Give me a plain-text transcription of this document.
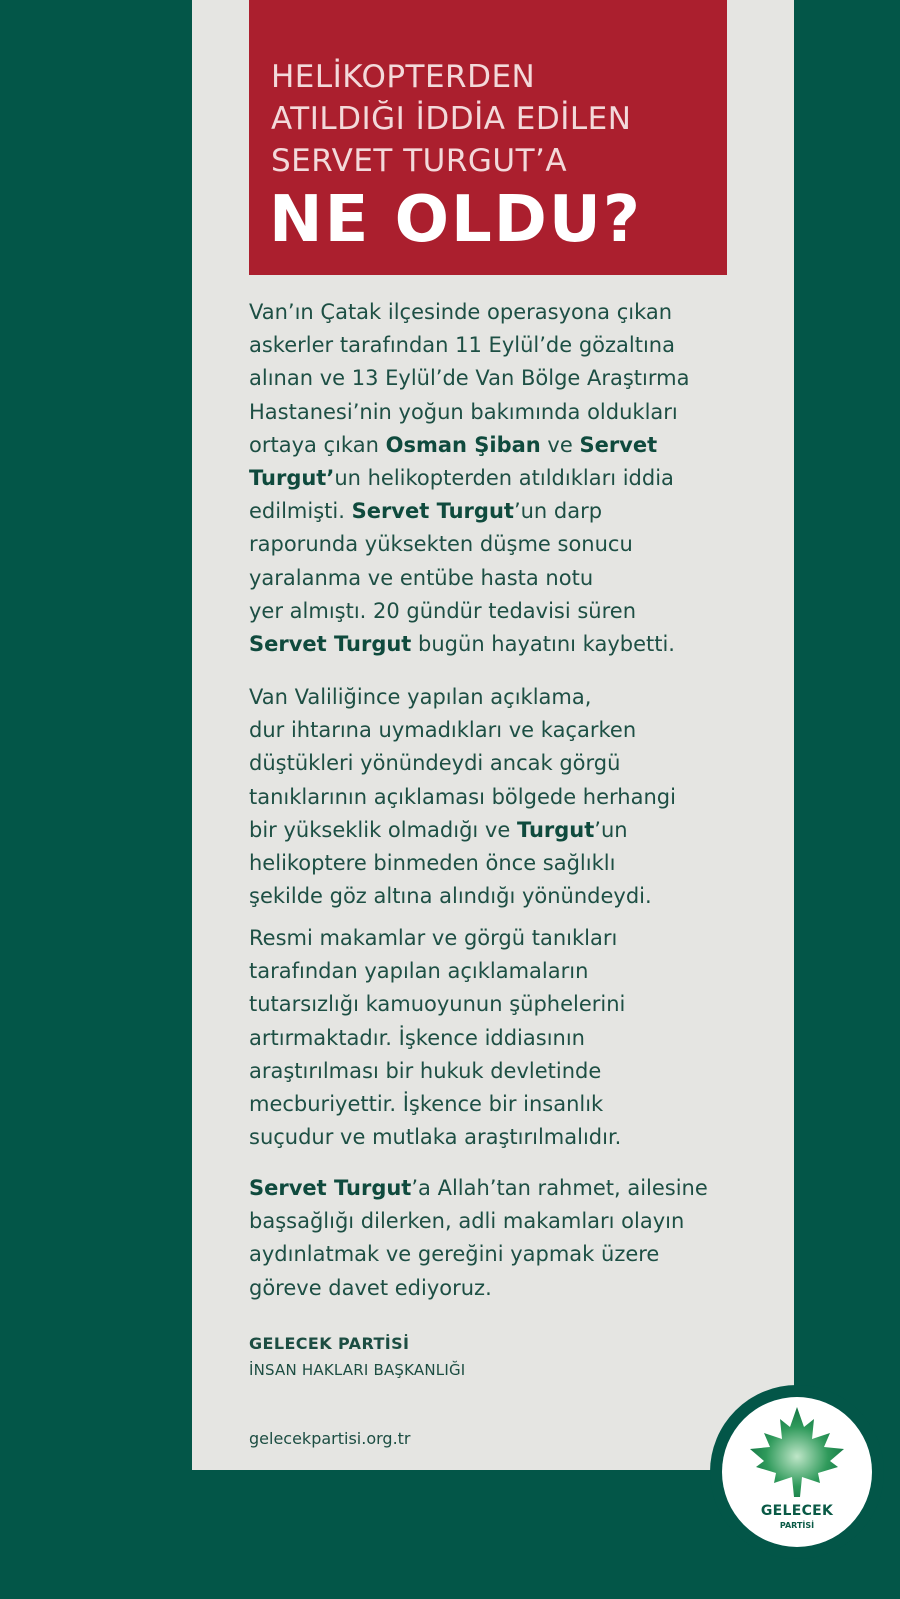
HELİKOPTERDEN
ATILDIĞI İDDİA EDİLEN
SERVET TURGUT’A
NE OLDU?
Van’ın Çatak ilçesinde operasyona çıkan
askerler tarafından 11 Eylül’de gözaltına
alınan ve 13 Eylül’de Van Bölge Araştırma
Hastanesi’nin yoğun bakımında oldukları
ortaya çıkan Osman Şiban ve Servet
Turgut’un helikopterden atıldıkları iddia
edilmişti. Servet Turgut’un darp
raporunda yüksekten düşme sonucu
yaralanma ve entübe hasta notu
yer almıştı. 20 gündür tedavisi süren
Servet Turgut bugün hayatını kaybetti.
Van Valiliğince yapılan açıklama,
dur ihtarına uymadıkları ve kaçarken
düştükleri yönündeydi ancak görgü
tanıklarının açıklaması bölgede herhangi
bir yükseklik olmadığı ve Turgut’un
helikoptere binmeden önce sağlıklı
şekilde göz altına alındığı yönündeydi.
Resmi makamlar ve görgü tanıkları
tarafından yapılan açıklamaların
tutarsızlığı kamuoyunun şüphelerini
artırmaktadır. İşkence iddiasının
araştırılması bir hukuk devletinde
mecburiyettir. İşkence bir insanlık
suçudur ve mutlaka araştırılmalıdır.
Servet Turgut’a Allah’tan rahmet, ailesine
başsağlığı dilerken, adli makamları olayın
aydınlatmak ve gereğini yapmak üzere
göreve davet ediyoruz.
GELECEK PARTİSİ
İNSAN HAKLARI BAŞKANLIĞI
gelecekpartisi.org.tr
GELECEK
PARTİSİ
